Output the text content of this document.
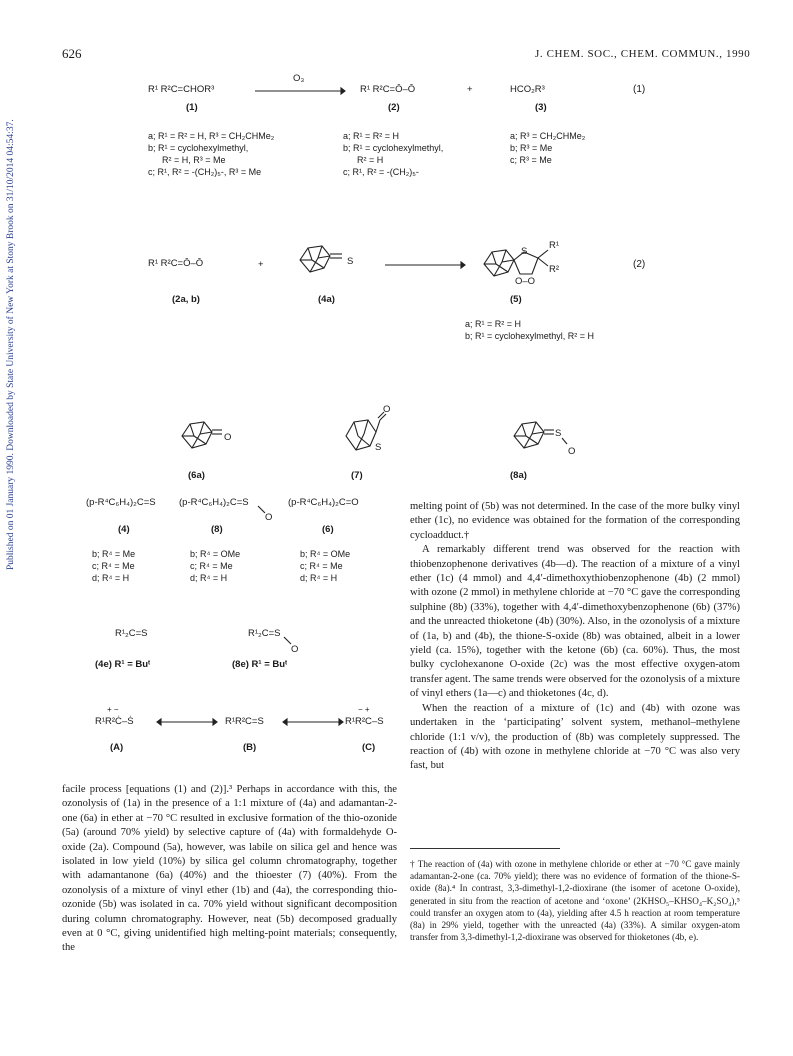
626	J. CHEM. SOC., CHEM. COMMUN., 1990
Published on 01 January 1990. Downloaded by State University of New York at Stony Brook on 31/10/2014 04:54:37.
R¹ R²C=CHOR³
(1)
O₃
R¹ R²C=Ō–Ō
(2)
+	HCO₂R³
(3)
(1)
a; R¹ = R² = H, R³ = CH₂CHMe₂
b; R¹ = cyclohexylmethyl,
R² = H, R³ = Me
c; R¹, R² = -(CH₂)₅-, R³ = Me
a; R¹ = R² = H
b; R¹ = cyclohexylmethyl,
R² = H
c; R¹, R² = -(CH₂)₅-
a; R³ = CH₂CHMe₂
b; R³ = Me
c; R³ = Me
R¹ R²C=Ō–Ō
(2a, b)
+	S
(4a)
S
R¹
R²
O–O
(5)
(2)
a; R¹ = R² = H
b; R¹ = cyclohexylmethyl, R² = H
O
(6a)
O
S
(7)
S
O
(8a)
(p-R⁴C₆H₄)₂C=S (p-R⁴C₆H₄)₂C=S
O
(p-R⁴C₆H₄)₂C=O
(4)	(8)	(6)
b; R⁴ = Me
c; R⁴ = Me
d; R⁴ = H
b; R⁴ = OMe
c; R⁴ = Me
d; R⁴ = H
b; R⁴ = OMe
c; R⁴ = Me
d; R⁴ = H
R¹₂C=S	R¹₂C=S
O
(4e) R¹ = Buᵗ	(8e) R¹ = Buᵗ
+ −
R¹R²Ċ–Ṡ	R¹R²C=S
− +
R¹R²C–S
(A)	(B)	(C)

facile process [equations (1) and (2)].³ Perhaps in accordance with this, the ozonolysis of (1a) in the presence of a 1:1 mixture of (4a) and adamantan-2-one (6a) in ether at −70 °C resulted in exclusive formation of the thio-ozonide (5a) (around 70% yield) by selective capture of (4a) with formaldehyde O-oxide (2a). Compound (5a), however, was labile on silica gel and hence was isolated in low yield (10%) by silica gel column chromatography, together with adamantanone (6a) (40%) and the thioester (7) (40%). From the ozonolysis of a mixture of vinyl ether (1b) and (4a), the corresponding thio-ozonide (5b) was isolated in ca. 70% yield without significant decomposition during column chromatography. However, neat (5b) decomposed gradually even at 0 °C, giving unidentified high melting-point materials; consequently, the

melting point of (5b) was not determined. In the case of the more bulky vinyl ether (1c), no evidence was obtained for the formation of the corresponding cycloadduct.†

A remarkably different trend was observed for the reaction with thiobenzophenone derivatives (4b—d). The reaction of a mixture of a vinyl ether (1c) (4 mmol) and 4,4′-dimethoxythiobenzophenone (4b) (2 mmol) with ozone (2 mmol) in methylene chloride at −70 °C gave the corresponding sulphine (8b) (33%), together with 4,4′-dimethoxybenzophenone (6b) (37%) and the unreacted thioketone (4b) (30%). Also, in the ozonolysis of a mixture of (1a, b) and (4b), the thione-S-oxide (8b) was obtained, albeit in a lower yield (ca. 15%), together with the ketone (6b) (ca. 60%). Thus, the most bulky cyclohexanone O-oxide (2c) was the most effective oxygen-atom transfer agent. The same trends were observed for the ozonolysis of a mixture of vinyl ethers (1a—c) and thioketones (4c, d).

When the reaction of a mixture of (1c) and (4b) with ozone was undertaken in the ‘participating’ solvent system, methanol–methylene chloride (1:1 v/v), the production of (8b) was completely suppressed. The reaction of (4b) with ozone in methylene chloride at −70 °C was also very fast, but

† The reaction of (4a) with ozone in methylene chloride or ether at −70 °C gave mainly adamantan-2-one (ca. 70% yield); there was no evidence of formation of the thione-S-oxide (8a).⁴ In contrast, 3,3-dimethyl-1,2-dioxirane (the isomer of acetone O-oxide), generated in situ from the reaction of acetone and ‘oxone’ (2KHSO₅–KHSO₄–K₂SO₄),⁵ could transfer an oxygen atom to (4a), yielding after 4.5 h reaction at room temperature (8a) in 29% yield, together with the unreacted (4a) (33%). A similar oxygen-atom transfer from 3,3-dimethyl-1,2-dioxirane was observed for thioketones (4b, e).
